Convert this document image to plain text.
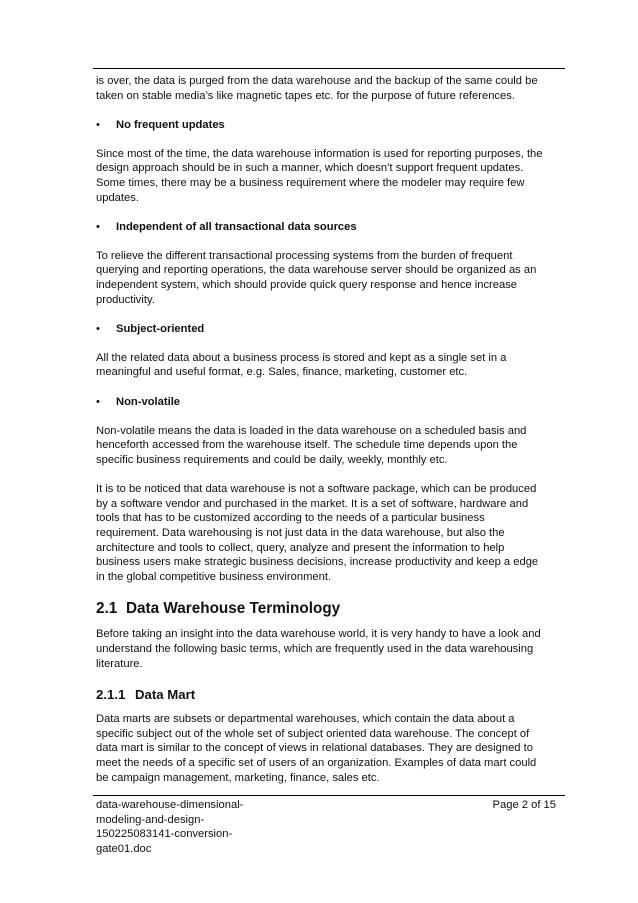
is over, the data is purged from the data warehouse and the backup of the same could be taken on stable media’s like magnetic tapes etc. for the purpose of future references.

•	No frequent updates

Since most of the time, the data warehouse information is used for reporting purposes, the design approach should be in such a manner, which doesn’t support frequent updates. Some times, there may be a business requirement where the modeler may require few updates.

•	Independent of all transactional data sources

To relieve the different transactional processing systems from the burden of frequent querying and reporting operations, the data warehouse server should be organized as an independent system, which should provide quick query response and hence increase productivity.

•	Subject-oriented

All the related data about a business process is stored and kept as a single set in a meaningful and useful format, e.g. Sales, finance, marketing, customer etc.

•	Non-volatile

Non-volatile means the data is loaded in the data warehouse on a scheduled basis and henceforth accessed from the warehouse itself. The schedule time depends upon the specific business requirements and could be daily, weekly, monthly etc.

It is to be noticed that data warehouse is not a software package, which can be produced by a software vendor and purchased in the market. It is a set of software, hardware and tools that has to be customized according to the needs of a particular business requirement. Data warehousing is not just data in the data warehouse, but also the architecture and tools to collect, query, analyze and present the information to help business users make strategic business decisions, increase productivity and keep a edge in the global competitive business environment.

2.1 Data Warehouse Terminology

Before taking an insight into the data warehouse world, it is very handy to have a look and understand the following basic terms, which are frequently used in the data warehousing literature.

2.1.1 Data Mart

Data marts are subsets or departmental warehouses, which contain the data about a specific subject out of the whole set of subject oriented data warehouse. The concept of data mart is similar to the concept of views in relational databases. They are designed to meet the needs of a specific set of users of an organization. Examples of data mart could be campaign management, marketing, finance, sales etc.

data-warehouse-dimensional-modeling-and-design-150225083141-conversion-gate01.doc
Page 2 of 15
